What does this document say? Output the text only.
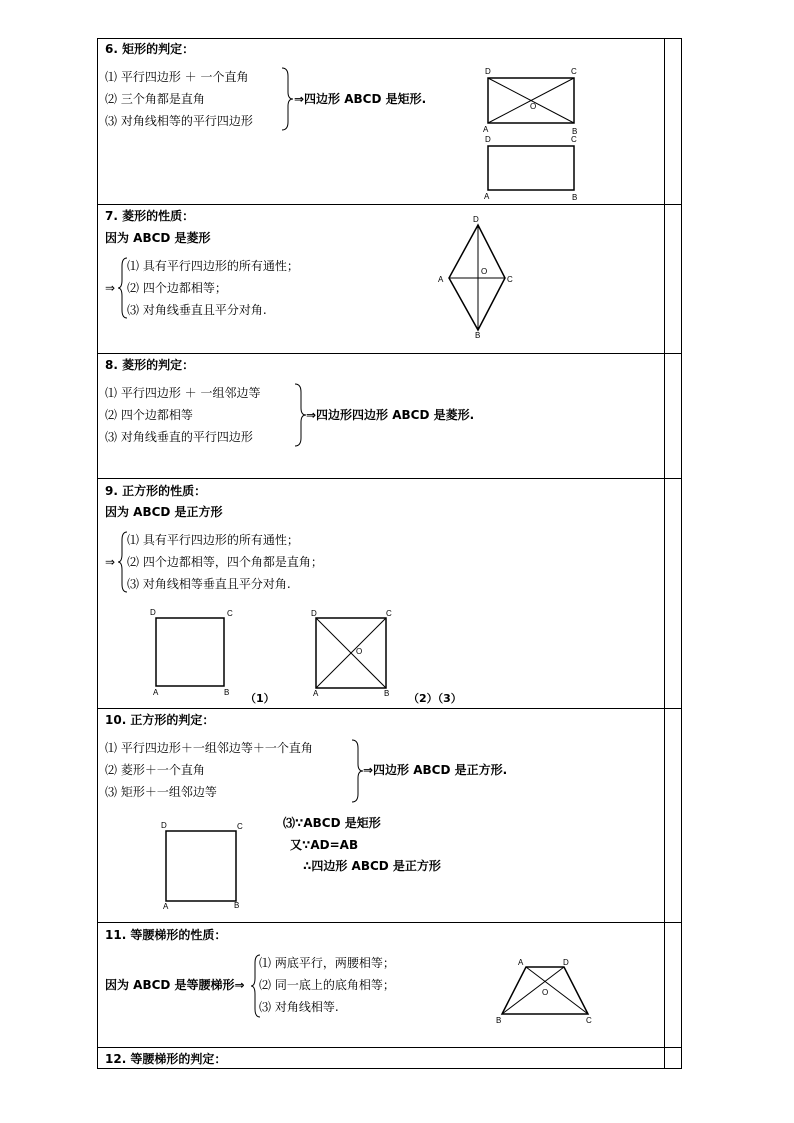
6. 矩形的判定：
⑴ 平行四边形 ＋ 一个直角
⑵ 三个角都是直角
⑶ 对角线相等的平行四边形
⇒四边形 ABCD 是矩形.
D	C
A	B
O
D	C
A	B
7. 菱形的性质：
因为 ABCD 是菱形
⇒
⑴ 具有平行四边形的所有通性；
⑵ 四个边都相等；
⑶ 对角线垂直且平分对角.
D
A
O
C
B
8. 菱形的判定：
⑴ 平行四边形 ＋ 一组邻边等
⑵ 四个边都相等
⑶ 对角线垂直的平行四边形
⇒四边形四边形 ABCD 是菱形.
9. 正方形的性质：
因为 ABCD 是正方形
⇒
⑴ 具有平行四边形的所有通性；
⑵ 四个边都相等，四个角都是直角；
⑶ 对角线相等垂直且平分对角.
D	C
A	B （1）
D	C
O
A	B （2）（3）
10. 正方形的判定：
⑴ 平行四边形＋一组邻边等＋一个直角
⑵ 菱形＋一个直角
⑶ 矩形＋一组邻边等
⇒四边形 ABCD 是正方形.
D	C
A	B
⑶∵ABCD 是矩形
又∵AD=AB
∴四边形 ABCD 是正方形
11. 等腰梯形的性质：
因为 ABCD 是等腰梯形⇒
⑴ 两底平行，两腰相等；
⑵ 同一底上的底角相等；
⑶ 对角线相等.
A	D
O
B	C
12. 等腰梯形的判定：
